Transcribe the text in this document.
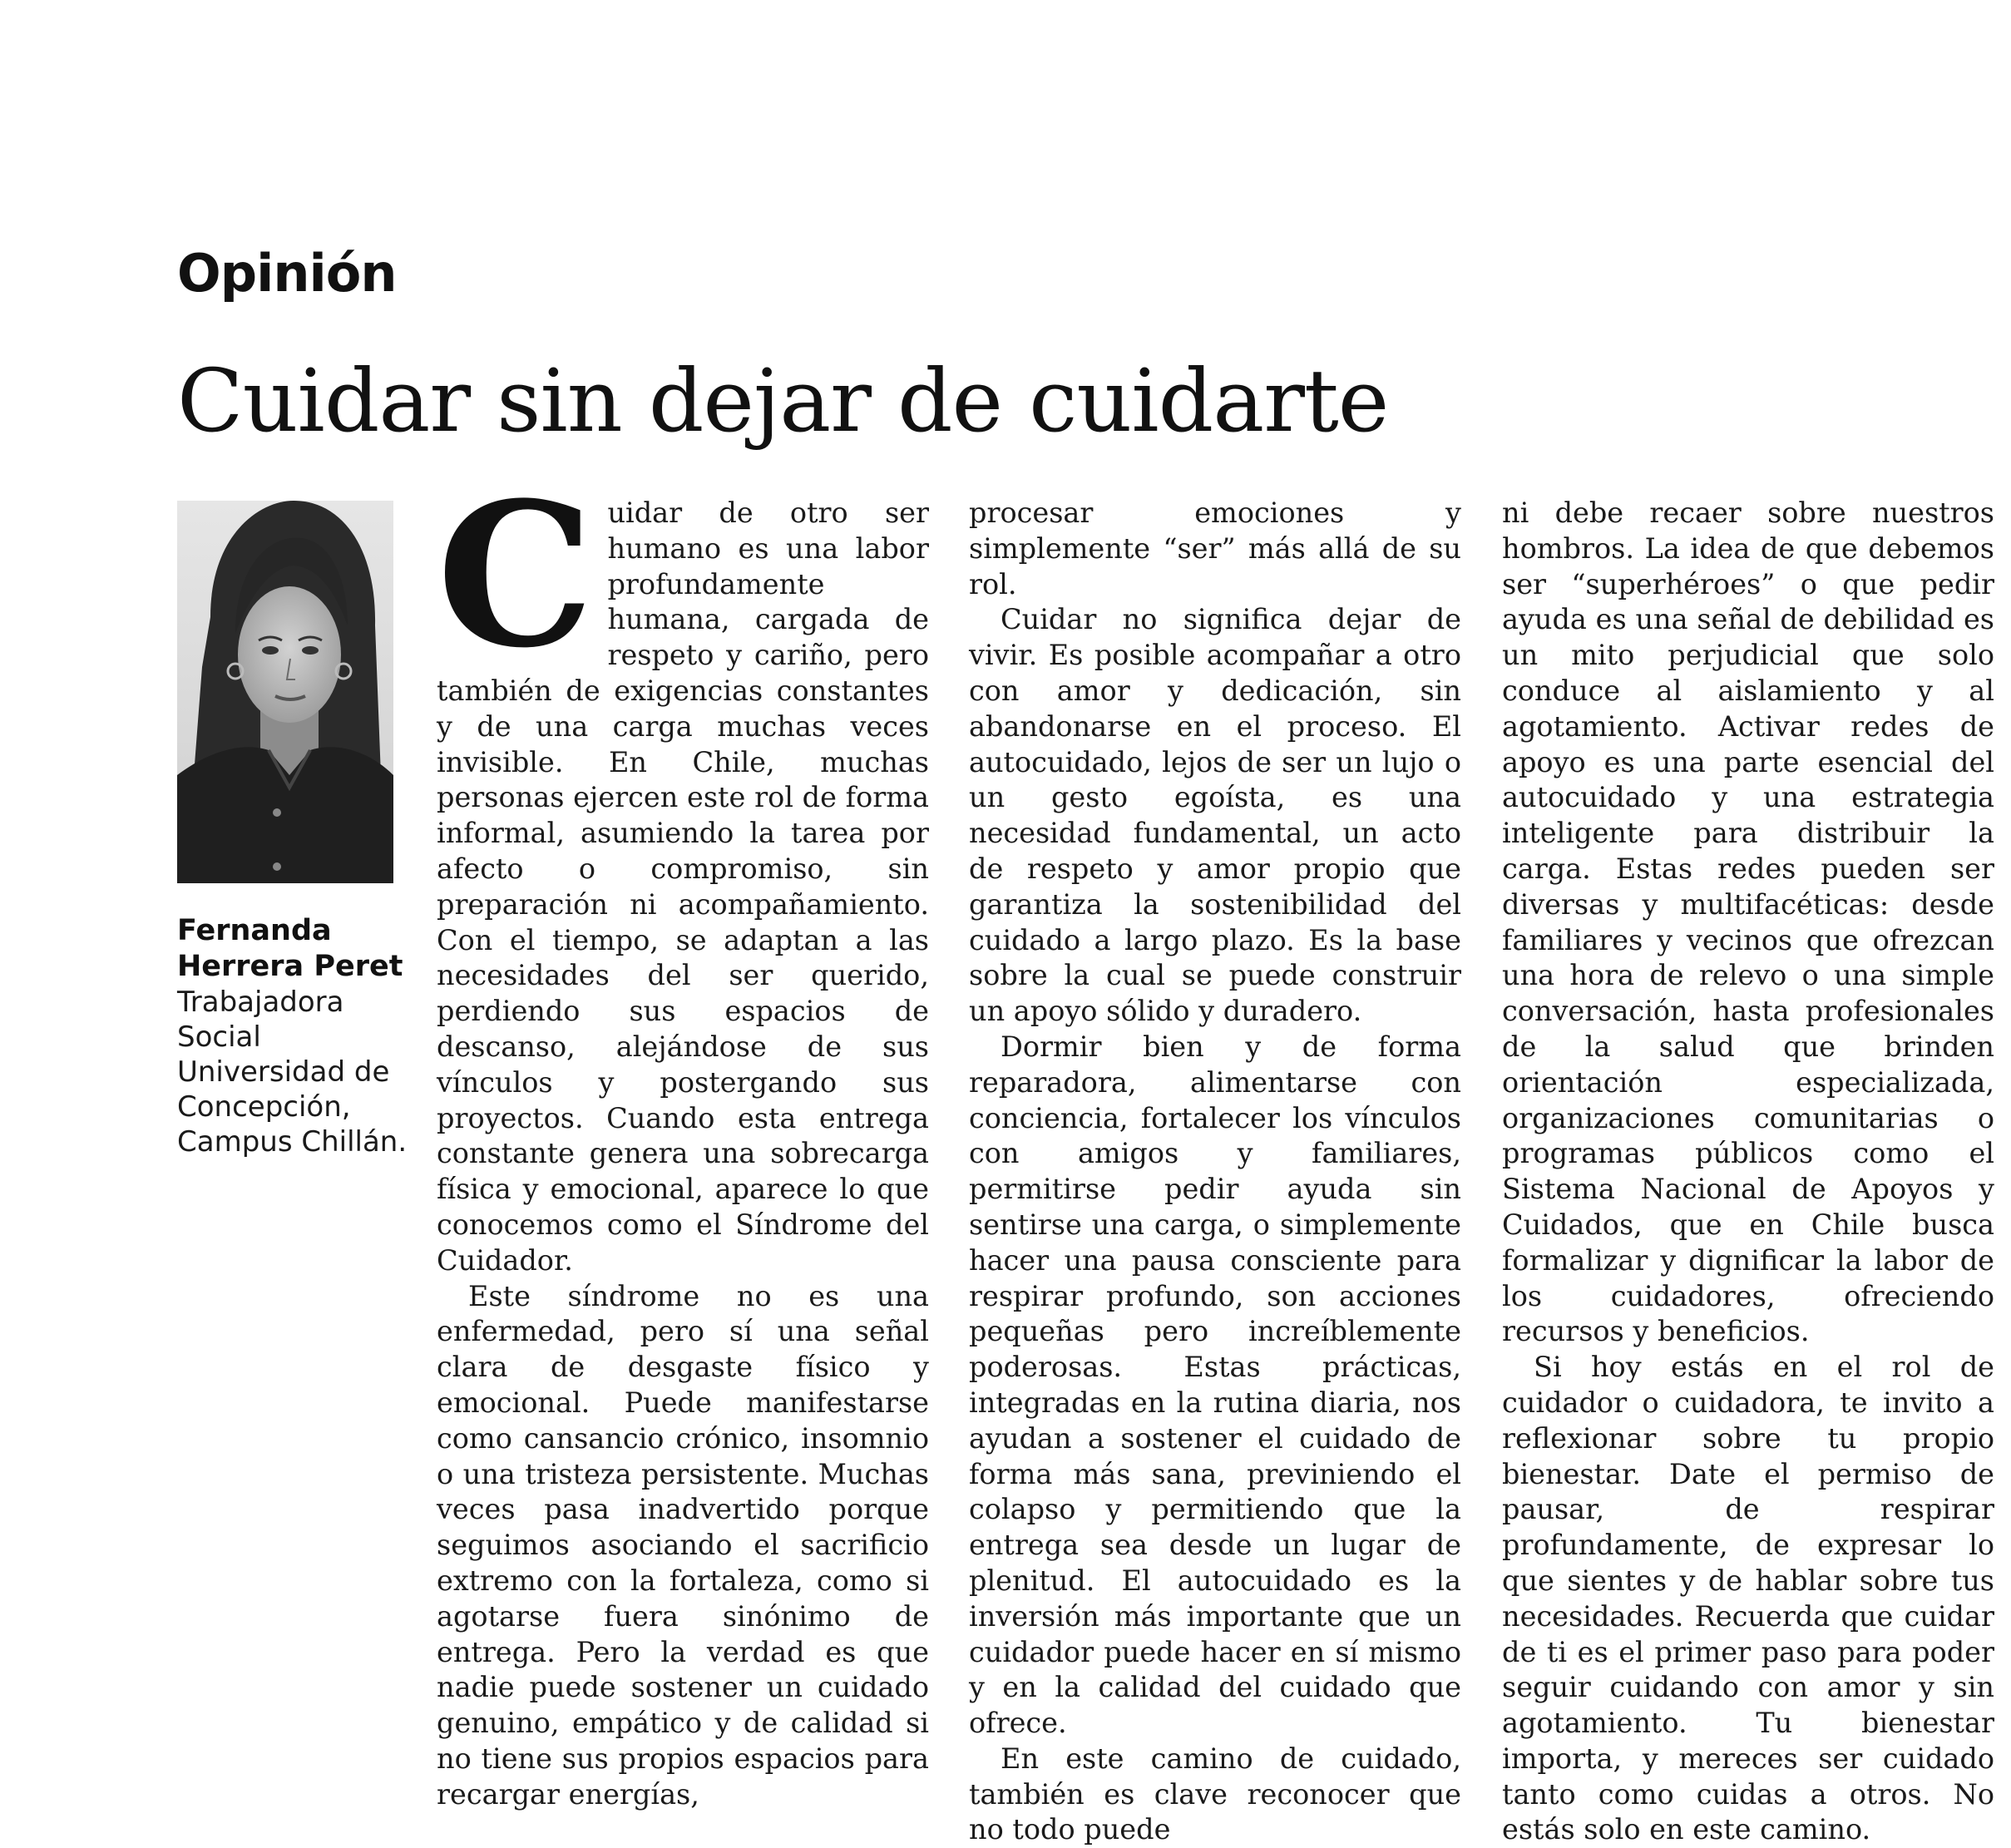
Opinión
Cuidar sin dejar de cuidarte
Fernanda Herrera Peret
Trabajadora Social Universidad de Concepción, Campus Chillán.
C uidar de otro ser humano es una labor profundamente humana, cargada de respeto y cariño, pero también de exigencias constantes y de una carga muchas veces invisible. En Chile, muchas personas ejercen este rol de forma informal, asumiendo la tarea por afecto o compromiso, sin preparación ni acompañamiento. Con el tiempo, se adaptan a las necesidades del ser querido, perdiendo sus espacios de descanso, alejándose de sus vínculos y postergando sus proyectos. Cuando esta entrega constante genera una sobrecarga física y emocional, aparece lo que conocemos como el Síndrome del Cuidador.

Este síndrome no es una enfermedad, pero sí una señal clara de desgaste físico y emocional. Puede manifestarse como cansancio crónico, insomnio o una tristeza persistente. Muchas veces pasa inadvertido porque seguimos asociando el sacrificio extremo con la fortaleza, como si agotarse fuera sinónimo de entrega. Pero la verdad es que nadie puede sostener un cuidado genuino, empático y de calidad si no tiene sus propios espacios para recargar energías,

procesar emociones y simplemente “ser” más allá de su rol.

Cuidar no significa dejar de vivir. Es posible acompañar a otro con amor y dedicación, sin abandonarse en el proceso. El autocuidado, lejos de ser un lujo o un gesto egoísta, es una necesidad fundamental, un acto de respeto y amor propio que garantiza la sostenibilidad del cuidado a largo plazo. Es la base sobre la cual se puede construir un apoyo sólido y duradero.

Dormir bien y de forma reparadora, alimentarse con conciencia, fortalecer los vínculos con amigos y familiares, permitirse pedir ayuda sin sentirse una carga, o simplemente hacer una pausa consciente para respirar profundo, son acciones pequeñas pero increíblemente poderosas. Estas prácticas, integradas en la rutina diaria, nos ayudan a sostener el cuidado de forma más sana, previniendo el colapso y permitiendo que la entrega sea desde un lugar de plenitud. El autocuidado es la inversión más importante que un cuidador puede hacer en sí mismo y en la calidad del cuidado que ofrece.

En este camino de cuidado, también es clave reconocer que no todo puede

ni debe recaer sobre nuestros hombros. La idea de que debemos ser “superhéroes” o que pedir ayuda es una señal de debilidad es un mito perjudicial que solo conduce al aislamiento y al agotamiento. Activar redes de apoyo es una parte esencial del autocuidado y una estrategia inteligente para distribuir la carga. Estas redes pueden ser diversas y multifacéticas: desde familiares y vecinos que ofrezcan una hora de relevo o una simple conversación, hasta profesionales de la salud que brinden orientación especializada, organizaciones comunitarias o programas públicos como el Sistema Nacional de Apoyos y Cuidados, que en Chile busca formalizar y dignificar la labor de los cuidadores, ofreciendo recursos y beneficios.

Si hoy estás en el rol de cuidador o cuidadora, te invito a reflexionar sobre tu propio bienestar. Date el permiso de pausar, de respirar profundamente, de expresar lo que sientes y de hablar sobre tus necesidades. Recuerda que cuidar de ti es el primer paso para poder seguir cuidando con amor y sin agotamiento. Tu bienestar importa, y mereces ser cuidado tanto como cuidas a otros. No estás solo en este camino.
